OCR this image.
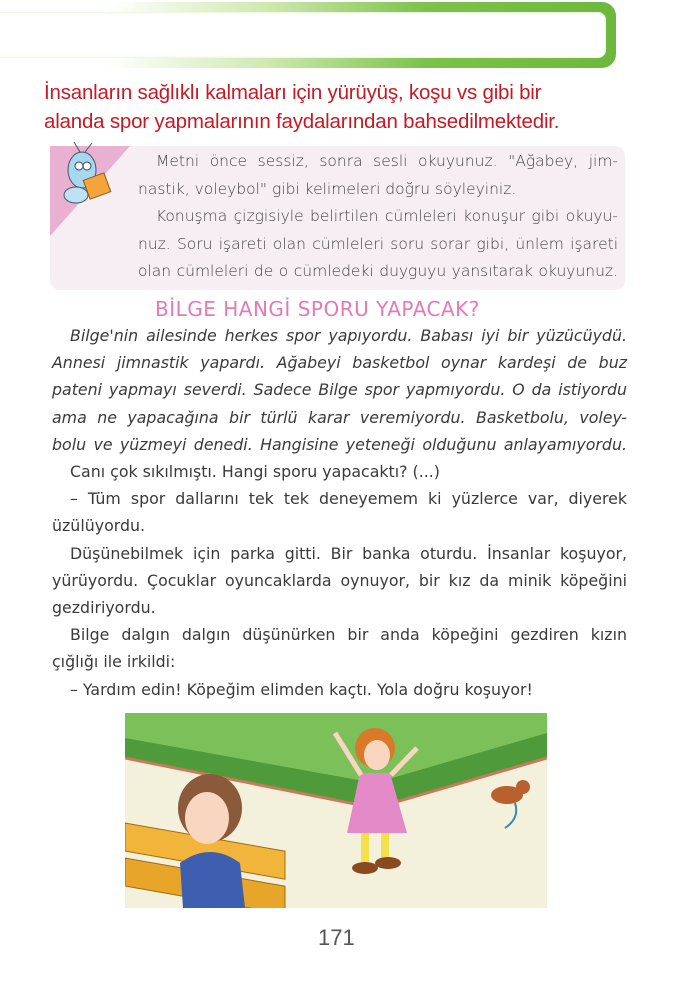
İnsanların sağlıklı kalmaları için yürüyüş, koşu vs gibi bir
alanda spor yapmalarının faydalarından bahsedilmektedir.
Metni önce sessiz, sonra sesli okuyunuz. "Ağabey, jim-
nastik, voleybol" gibi kelimeleri doğru söyleyiniz.
Konuşma çizgisiyle belirtilen cümleleri konuşur gibi okuyu-
nuz. Soru işareti olan cümleleri soru sorar gibi, ünlem işareti
olan cümleleri de o cümledeki duyguyu yansıtarak okuyunuz.
BİLGE HANGİ SPORU YAPACAK?
Bilge'nin ailesinde herkes spor yapıyordu. Babası iyi bir yüzücüydü.
Annesi jimnastik yapardı. Ağabeyi basketbol oynar kardeşi de buz
pateni yapmayı severdi. Sadece Bilge spor yapmıyordu. O da istiyordu
ama ne yapacağına bir türlü karar veremiyordu. Basketbolu, voley-
bolu ve yüzmeyi denedi. Hangisine yeteneği olduğunu anlayamıyordu.
Canı çok sıkılmıştı. Hangi sporu yapacaktı? (...)
– Tüm spor dallarını tek tek deneyemem ki yüzlerce var, diyerek
üzülüyordu.
Düşünebilmek için parka gitti. Bir banka oturdu. İnsanlar koşuyor,
yürüyordu. Çocuklar oyuncaklarda oynuyor, bir kız da minik köpeğini
gezdiriyordu.
Bilge dalgın dalgın düşünürken bir anda köpeğini gezdiren kızın
çığlığı ile irkildi:
– Yardım edin! Köpeğim elimden kaçtı. Yola doğru koşuyor!
171
